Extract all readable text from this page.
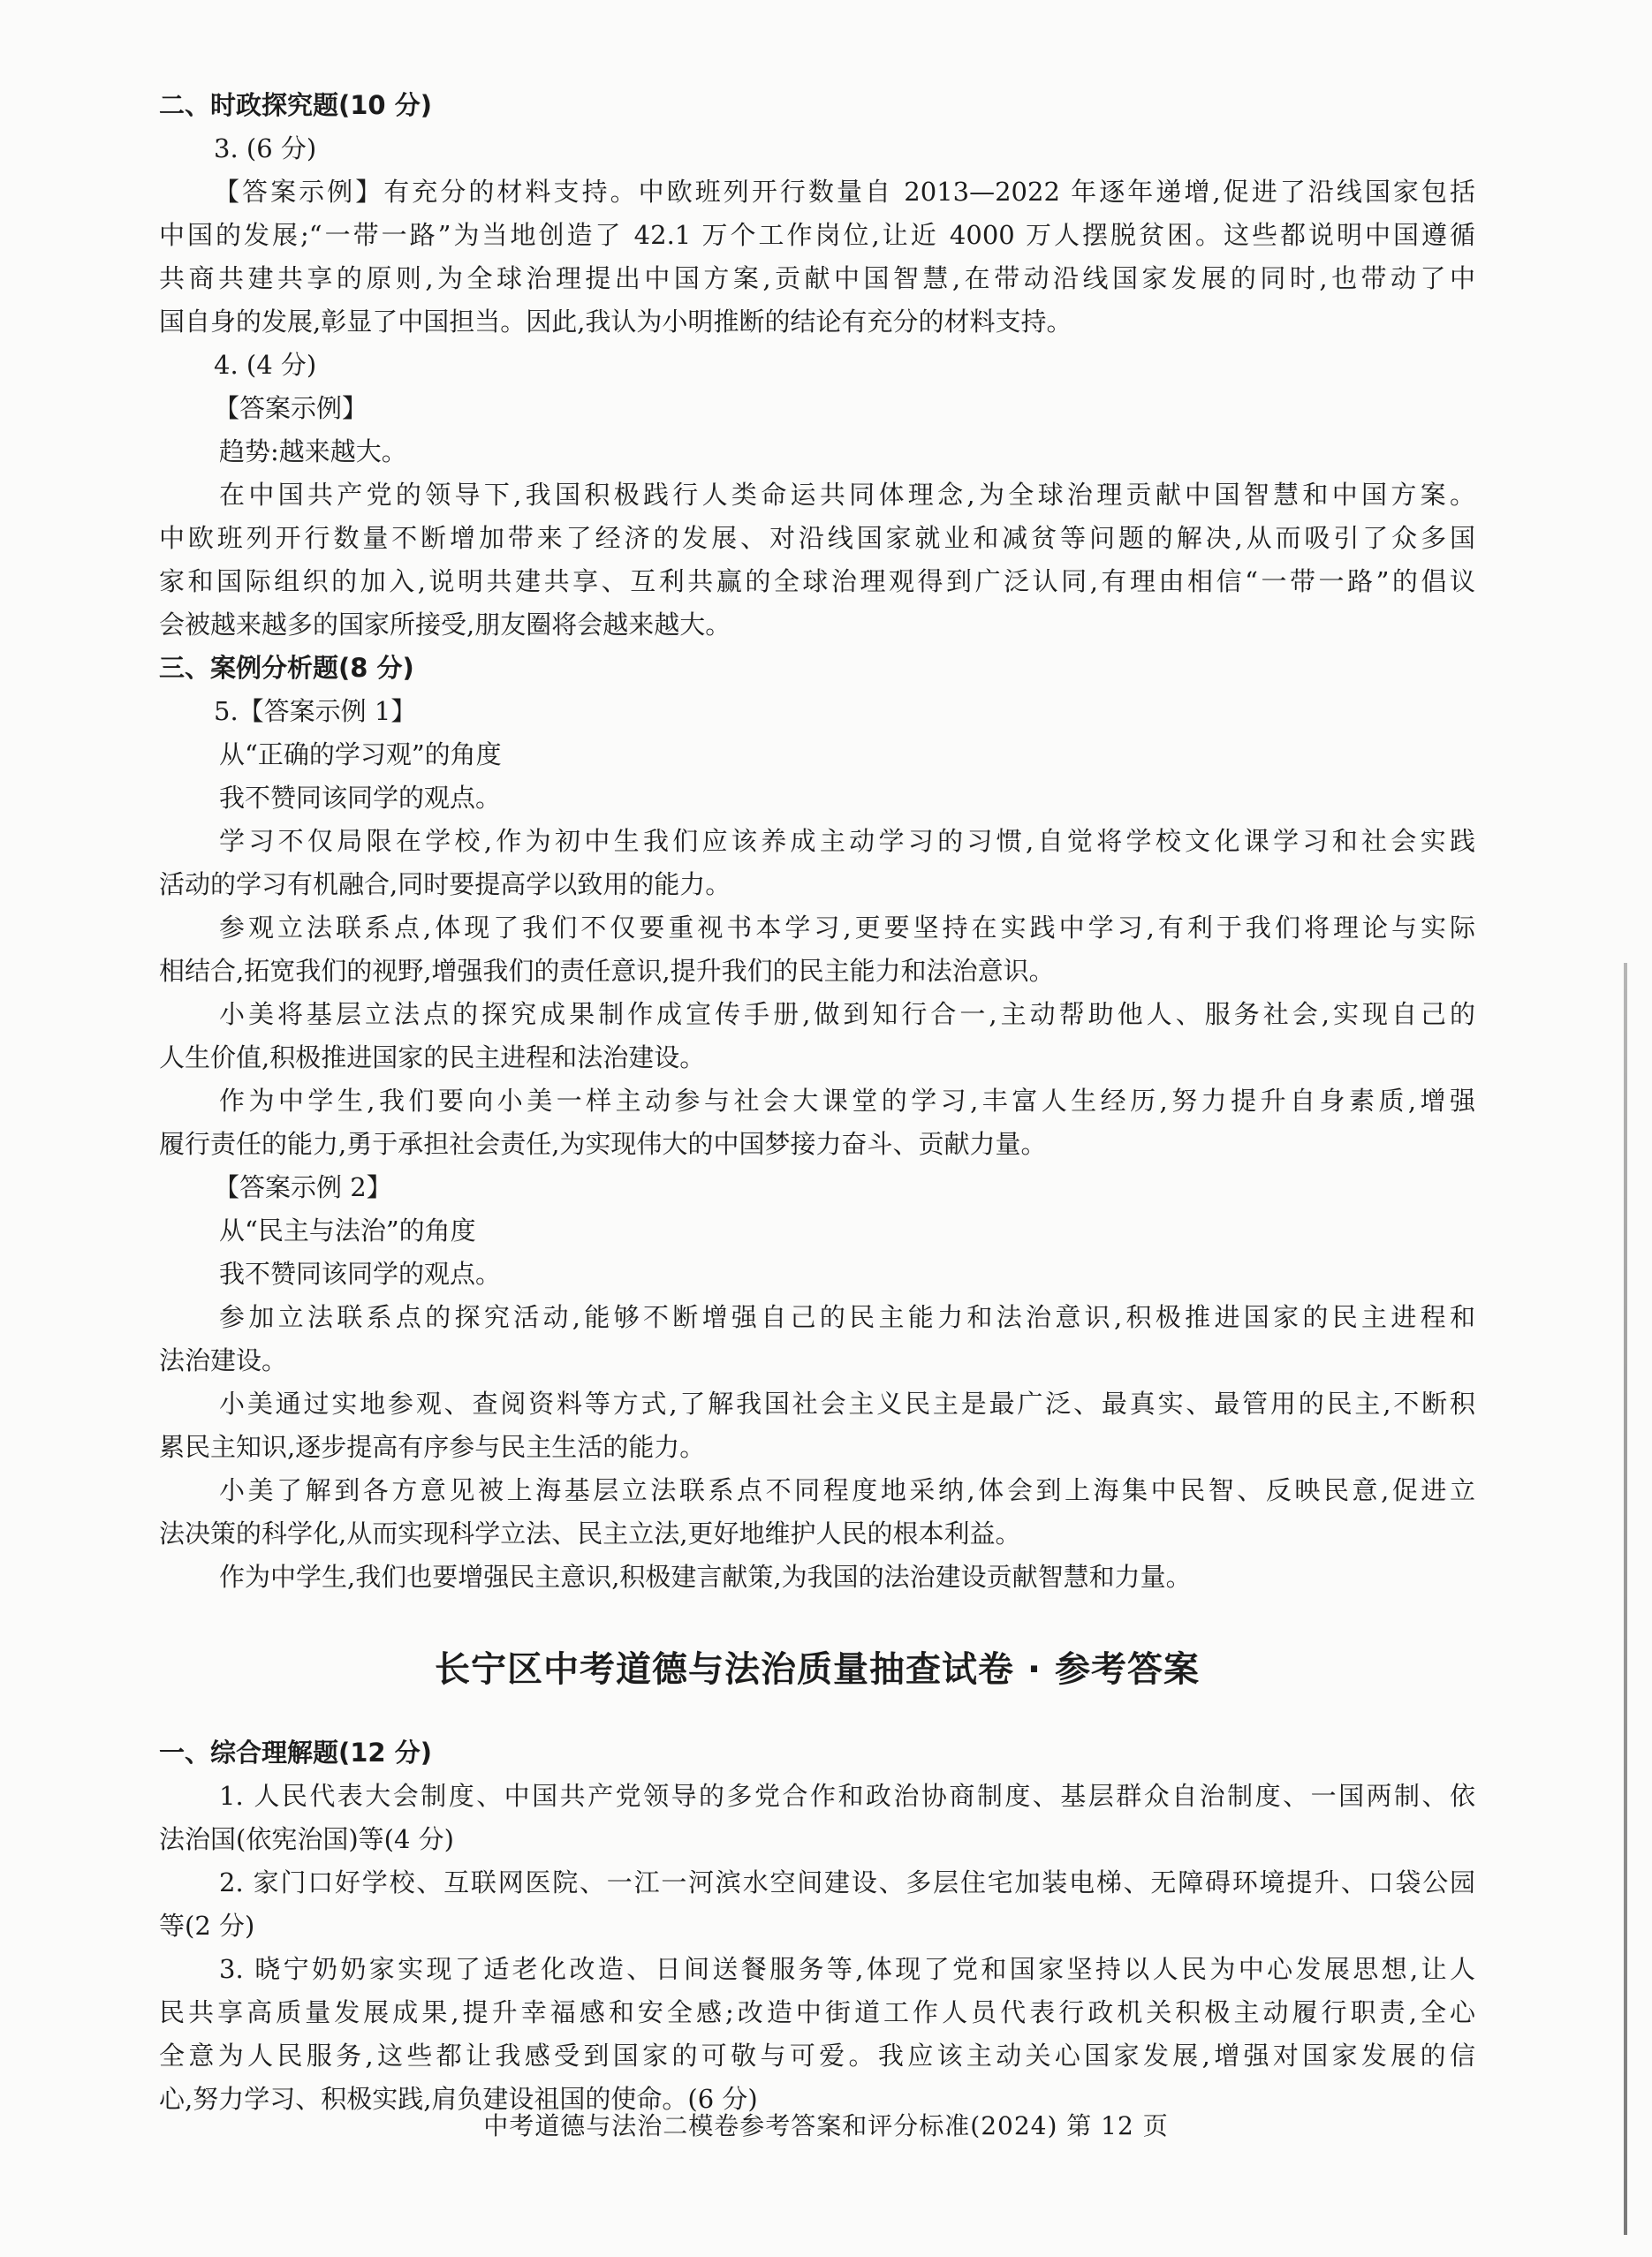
二、时政探究题(10 分)

3. (6 分)

【答案示例】有充分的材料支持。中欧班列开行数量自 2013—2022 年逐年递增,促进了沿线国家包括

中国的发展;“一带一路”为当地创造了 42.1 万个工作岗位,让近 4000 万人摆脱贫困。这些都说明中国遵循

共商共建共享的原则,为全球治理提出中国方案,贡献中国智慧,在带动沿线国家发展的同时,也带动了中

国自身的发展,彰显了中国担当。因此,我认为小明推断的结论有充分的材料支持。

4. (4 分)

【答案示例】

趋势:越来越大。

在中国共产党的领导下,我国积极践行人类命运共同体理念,为全球治理贡献中国智慧和中国方案。

中欧班列开行数量不断增加带来了经济的发展、对沿线国家就业和减贫等问题的解决,从而吸引了众多国

家和国际组织的加入,说明共建共享、互利共赢的全球治理观得到广泛认同,有理由相信“一带一路”的倡议

会被越来越多的国家所接受,朋友圈将会越来越大。

三、案例分析题(8 分)

5.【答案示例 1】

从“正确的学习观”的角度

我不赞同该同学的观点。

学习不仅局限在学校,作为初中生我们应该养成主动学习的习惯,自觉将学校文化课学习和社会实践

活动的学习有机融合,同时要提高学以致用的能力。

参观立法联系点,体现了我们不仅要重视书本学习,更要坚持在实践中学习,有利于我们将理论与实际

相结合,拓宽我们的视野,增强我们的责任意识,提升我们的民主能力和法治意识。

小美将基层立法点的探究成果制作成宣传手册,做到知行合一,主动帮助他人、服务社会,实现自己的

人生价值,积极推进国家的民主进程和法治建设。

作为中学生,我们要向小美一样主动参与社会大课堂的学习,丰富人生经历,努力提升自身素质,增强

履行责任的能力,勇于承担社会责任,为实现伟大的中国梦接力奋斗、贡献力量。

【答案示例 2】

从“民主与法治”的角度

我不赞同该同学的观点。

参加立法联系点的探究活动,能够不断增强自己的民主能力和法治意识,积极推进国家的民主进程和

法治建设。

小美通过实地参观、查阅资料等方式,了解我国社会主义民主是最广泛、最真实、最管用的民主,不断积

累民主知识,逐步提高有序参与民主生活的能力。

小美了解到各方意见被上海基层立法联系点不同程度地采纳,体会到上海集中民智、反映民意,促进立

法决策的科学化,从而实现科学立法、民主立法,更好地维护人民的根本利益。

作为中学生,我们也要增强民主意识,积极建言献策,为我国的法治建设贡献智慧和力量。

长宁区中考道德与法治质量抽查试卷 · 参考答案

一、综合理解题(12 分)

1. 人民代表大会制度、中国共产党领导的多党合作和政治协商制度、基层群众自治制度、一国两制、依

法治国(依宪治国)等(4 分)

2. 家门口好学校、互联网医院、一江一河滨水空间建设、多层住宅加装电梯、无障碍环境提升、口袋公园

等(2 分)

3. 晓宁奶奶家实现了适老化改造、日间送餐服务等,体现了党和国家坚持以人民为中心发展思想,让人

民共享高质量发展成果,提升幸福感和安全感;改造中街道工作人员代表行政机关积极主动履行职责,全心

全意为人民服务,这些都让我感受到国家的可敬与可爱。我应该主动关心国家发展,增强对国家发展的信

心,努力学习、积极实践,肩负建设祖国的使命。(6 分)

中考道德与法治二模卷参考答案和评分标准(2024) 第 12 页
